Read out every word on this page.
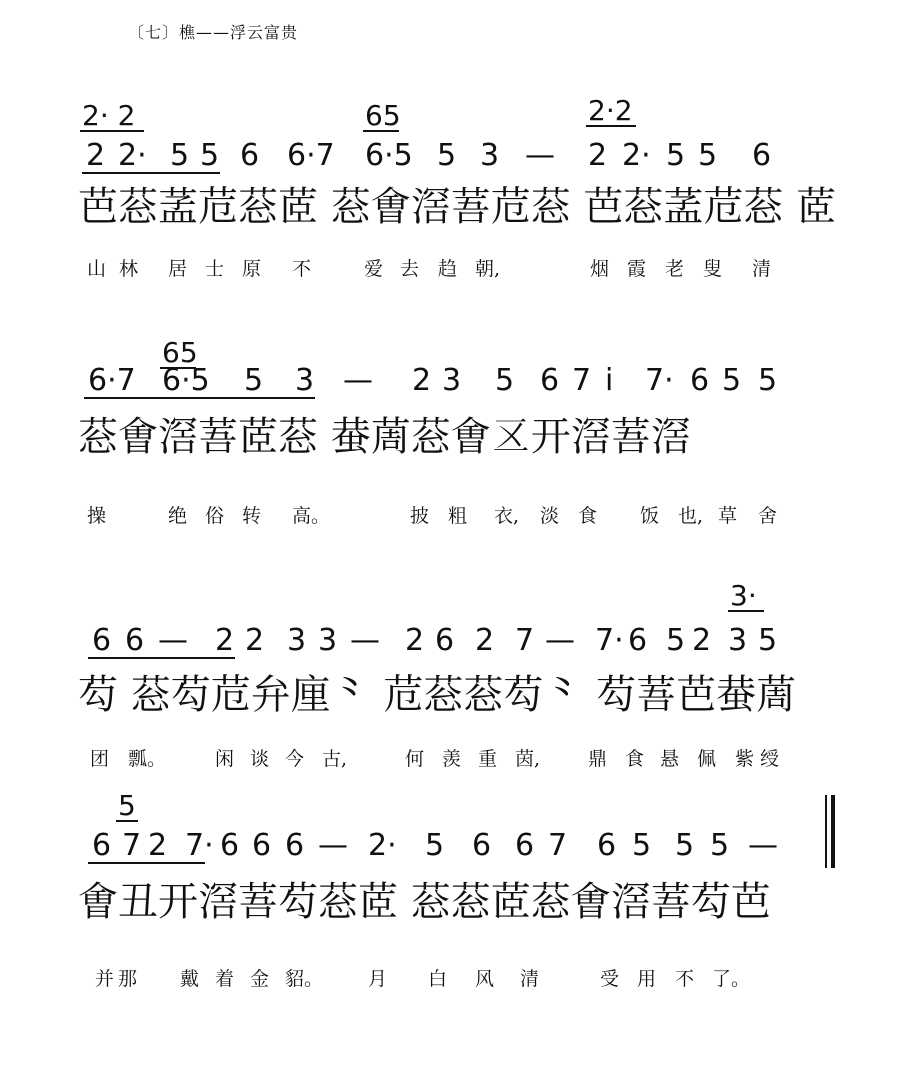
〔七〕樵——浮云富贵
2· 2	65	2·2
2 2· 5 5 6 6·7 6·5 5 3 — 2 2· 5 5 6
芭䓗䓝苊䓗茝 䓗㑹滘䓊苊䓗 芭䓗䓝苊䓗 茝
山 林 居 士 原 不	爱 去 趋 朝,	烟 霞 老 叟 清
65
6·7 6·5 5 3 — 2 3 5 6 7 i 7· 6 5 5
䓗㑹滘䓊茝䓗 蛬䓟䓗㑹𠄡开滘䓊滘
操	绝 俗 转 高。	披 粗 衣, 淡 食 饭 也, 草 舍
3·
6 6 — 2 2 3 3 — 2 6 2 7 — 7· 6 5 2 3 5
芶 䓗芶苊弁㢆⺀ 苊䓗䓗芶⺀ 芶䓊芭蛬䓟
团 瓢。	闲 谈 今 古,	何 羡 重 茵,	鼎 食 悬 佩 紫 绶
5
6 7 2 7· 6 6 6 — 2· 5 6 6 7 6 5 5 5 —
㑹丑开滘䓊芶䓗茝 䓗䓗茝䓗㑹滘䓊芶芭
并 那 戴 着 金 貂。 月 白 风 清	受 用 不 了。
